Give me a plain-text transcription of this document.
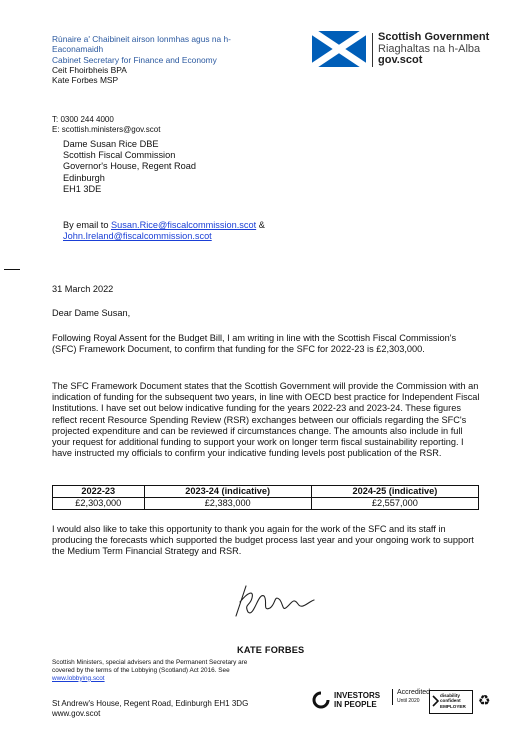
Rùnaire a' Chaibineit airson Ionmhas agus na h-
Eaconamaidh
Cabinet Secretary for Finance and Economy
Ceit Fhoirbheis BPA
Kate Forbes MSP
Scottish Government
Riaghaltas na h-Alba
gov.scot
T: 0300 244 4000
E: scottish.ministers@gov.scot
Dame Susan Rice DBE
Scottish Fiscal Commission
Governor's House, Regent Road
Edinburgh
EH1 3DE
By email to Susan.Rice@fiscalcommission.scot &
John.Ireland@fiscalcommission.scot
31 March 2022
Dear Dame Susan,

Following Royal Assent for the Budget Bill, I am writing in line with the Scottish Fiscal Commission's (SFC) Framework Document, to confirm that funding for the SFC for 2022-23 is £2,303,000.

The SFC Framework Document states that the Scottish Government will provide the Commission with an indication of funding for the subsequent two years, in line with OECD best practice for Independent Fiscal Institutions. I have set out below indicative funding for the years 2022-23 and 2023-24. These figures reflect recent Resource Spending Review (RSR) exchanges between our officials regarding the SFC's projected expenditure and can be reviewed if circumstances change. The amounts also include in full your request for additional funding to support your work on longer term fiscal sustainability reporting. I have instructed my officials to confirm your indicative funding levels post publication of the RSR.

2022-23	2023-24 (indicative)	2024-25 (indicative)
£2,303,000	£2,383,000	£2,557,000

I would also like to take this opportunity to thank you again for the work of the SFC and its staff in producing the forecasts which supported the budget process last year and your ongoing work to support the Medium Term Financial Strategy and RSR.

KATE FORBES
Scottish Ministers, special advisers and the Permanent Secretary are
covered by the terms of the Lobbying (Scotland) Act 2016. See
www.lobbying.scot
St Andrew's House, Regent Road, Edinburgh EH1 3DG
www.gov.scot
INVESTORS
IN PEOPLE
Accredited
Until 2020
disability
confident
EMPLOYER ♻
